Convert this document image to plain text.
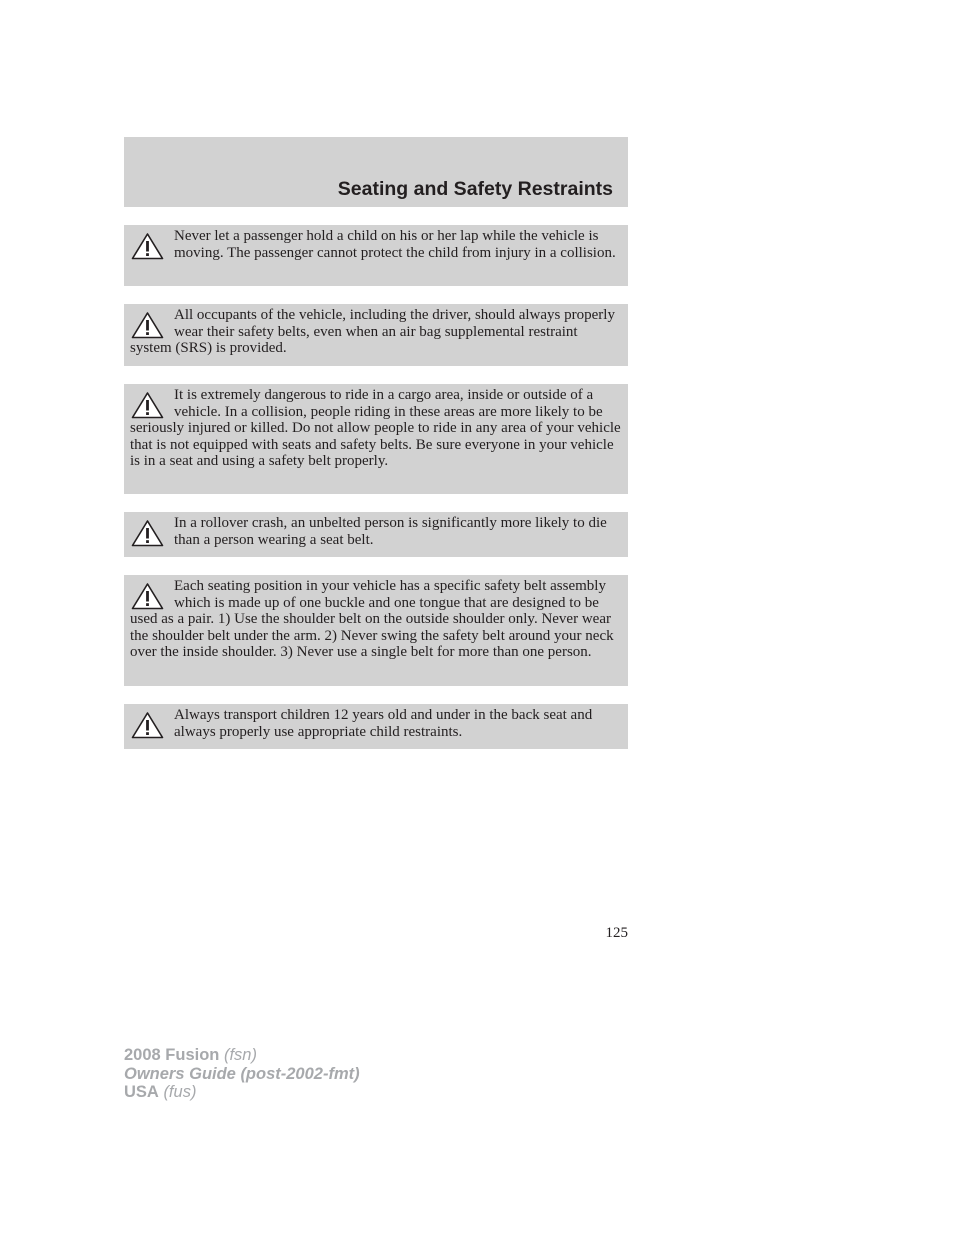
Seating and Safety Restraints

Never let a passenger hold a child on his or her lap while the vehicle is moving. The passenger cannot protect the child from injury in a collision.

All occupants of the vehicle, including the driver, should always properly wear their safety belts, even when an air bag supplemental restraint system (SRS) is provided.

It is extremely dangerous to ride in a cargo area, inside or outside of a vehicle. In a collision, people riding in these areas are more likely to be seriously injured or killed. Do not allow people to ride in any area of your vehicle that is not equipped with seats and safety belts. Be sure everyone in your vehicle is in a seat and using a safety belt properly.

In a rollover crash, an unbelted person is significantly more likely to die than a person wearing a seat belt.

Each seating position in your vehicle has a specific safety belt assembly which is made up of one buckle and one tongue that are designed to be used as a pair. 1) Use the shoulder belt on the outside shoulder only. Never wear the shoulder belt under the arm. 2) Never swing the safety belt around your neck over the inside shoulder. 3) Never use a single belt for more than one person.

Always transport children 12 years old and under in the back seat and always properly use appropriate child restraints.

125
2008 Fusion (fsn)
Owners Guide (post-2002-fmt)
USA (fus)
